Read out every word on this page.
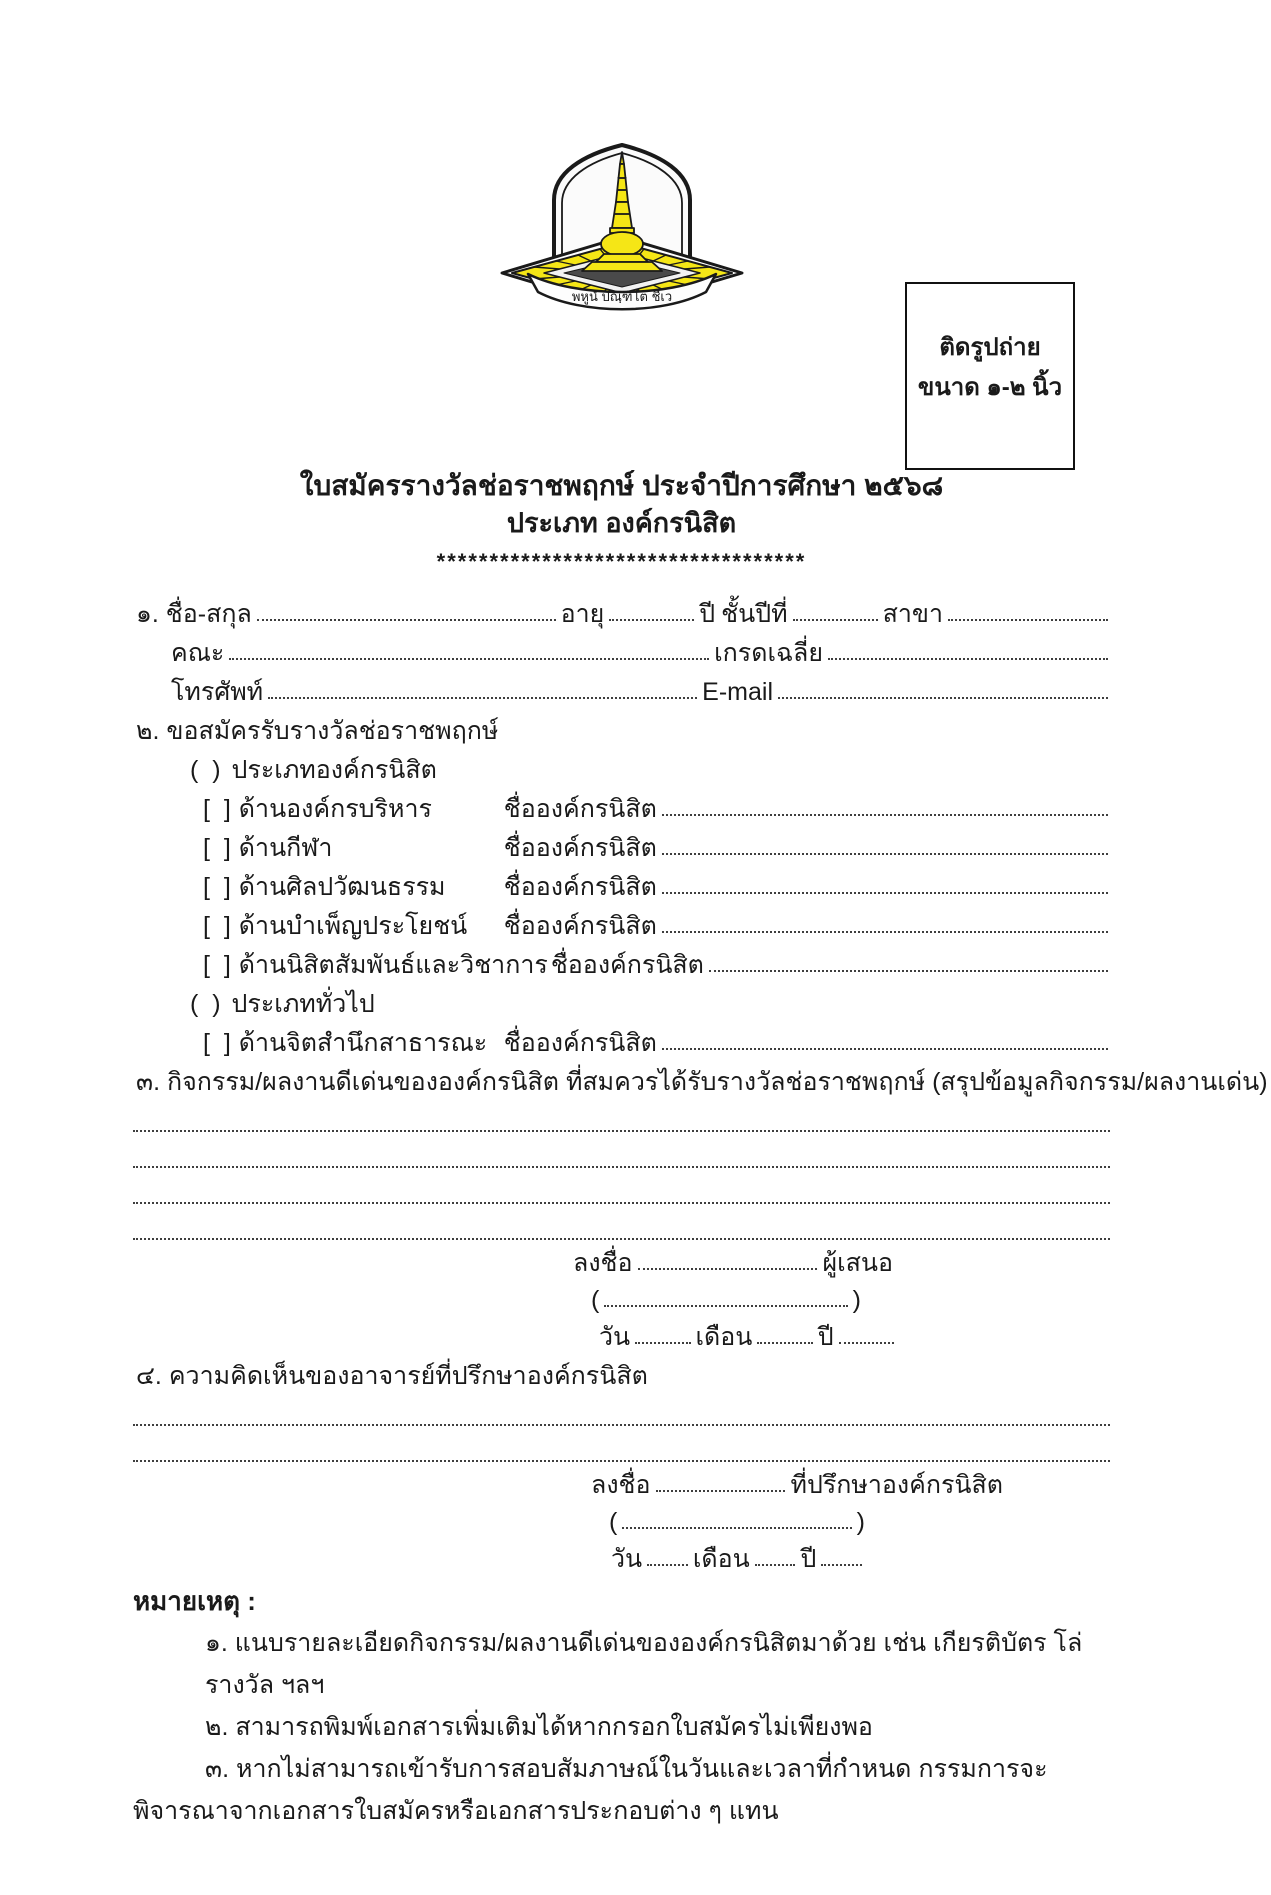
พหูนํ ปณฺฑิโต ชีเว
ติดรูปถ่าย
ขนาด ๑-๒ นิ้ว
ใบสมัครรางวัลช่อราชพฤกษ์ ประจำปีการศึกษา ๒๕๖๘
ประเภท องค์กรนิสิต
***********************************
๑. ชื่อ-สกุล	อายุ	ปี ชั้นปีที่	สาขา
คณะ	เกรดเฉลี่ย
โทรศัพท์	E-mail
๒. ขอสมัครรับรางวัลช่อราชพฤกษ์
(  ) ประเภทองค์กรนิสิต
[  ] ด้านองค์กรบริหาร	ชื่อองค์กรนิสิต
[  ] ด้านกีฬา	ชื่อองค์กรนิสิต
[  ] ด้านศิลปวัฒนธรรม	ชื่อองค์กรนิสิต
[  ] ด้านบำเพ็ญประโยชน์	ชื่อองค์กรนิสิต
[  ] ด้านนิสิตสัมพันธ์และวิชาการ ชื่อองค์กรนิสิต
(  ) ประเภททั่วไป
[  ] ด้านจิตสำนึกสาธารณะ ชื่อองค์กรนิสิต
๓. กิจกรรม/ผลงานดีเด่นขององค์กรนิสิต ที่สมควรได้รับรางวัลช่อราชพฤกษ์ (สรุปข้อมูลกิจกรรม/ผลงานเด่น)
ลงชื่อ	ผู้เสนอ
(	)
วัน	เดือน	ปี
๔. ความคิดเห็นของอาจารย์ที่ปรึกษาองค์กรนิสิต
ลงชื่อ	ที่ปรึกษาองค์กรนิสิต
(	)
วัน เดือน ปี
หมายเหตุ :
๑. แนบรายละเอียดกิจกรรม/ผลงานดีเด่นขององค์กรนิสิตมาด้วย เช่น เกียรติบัตร โล่รางวัล ฯลฯ
๒. สามารถพิมพ์เอกสารเพิ่มเติมได้หากกรอกใบสมัครไม่เพียงพอ
๓. หากไม่สามารถเข้ารับการสอบสัมภาษณ์ในวันและเวลาที่กำหนด กรรมการจะพิจารณาจากเอกสารใบสมัครหรือเอกสารประกอบต่าง ๆ แทน
